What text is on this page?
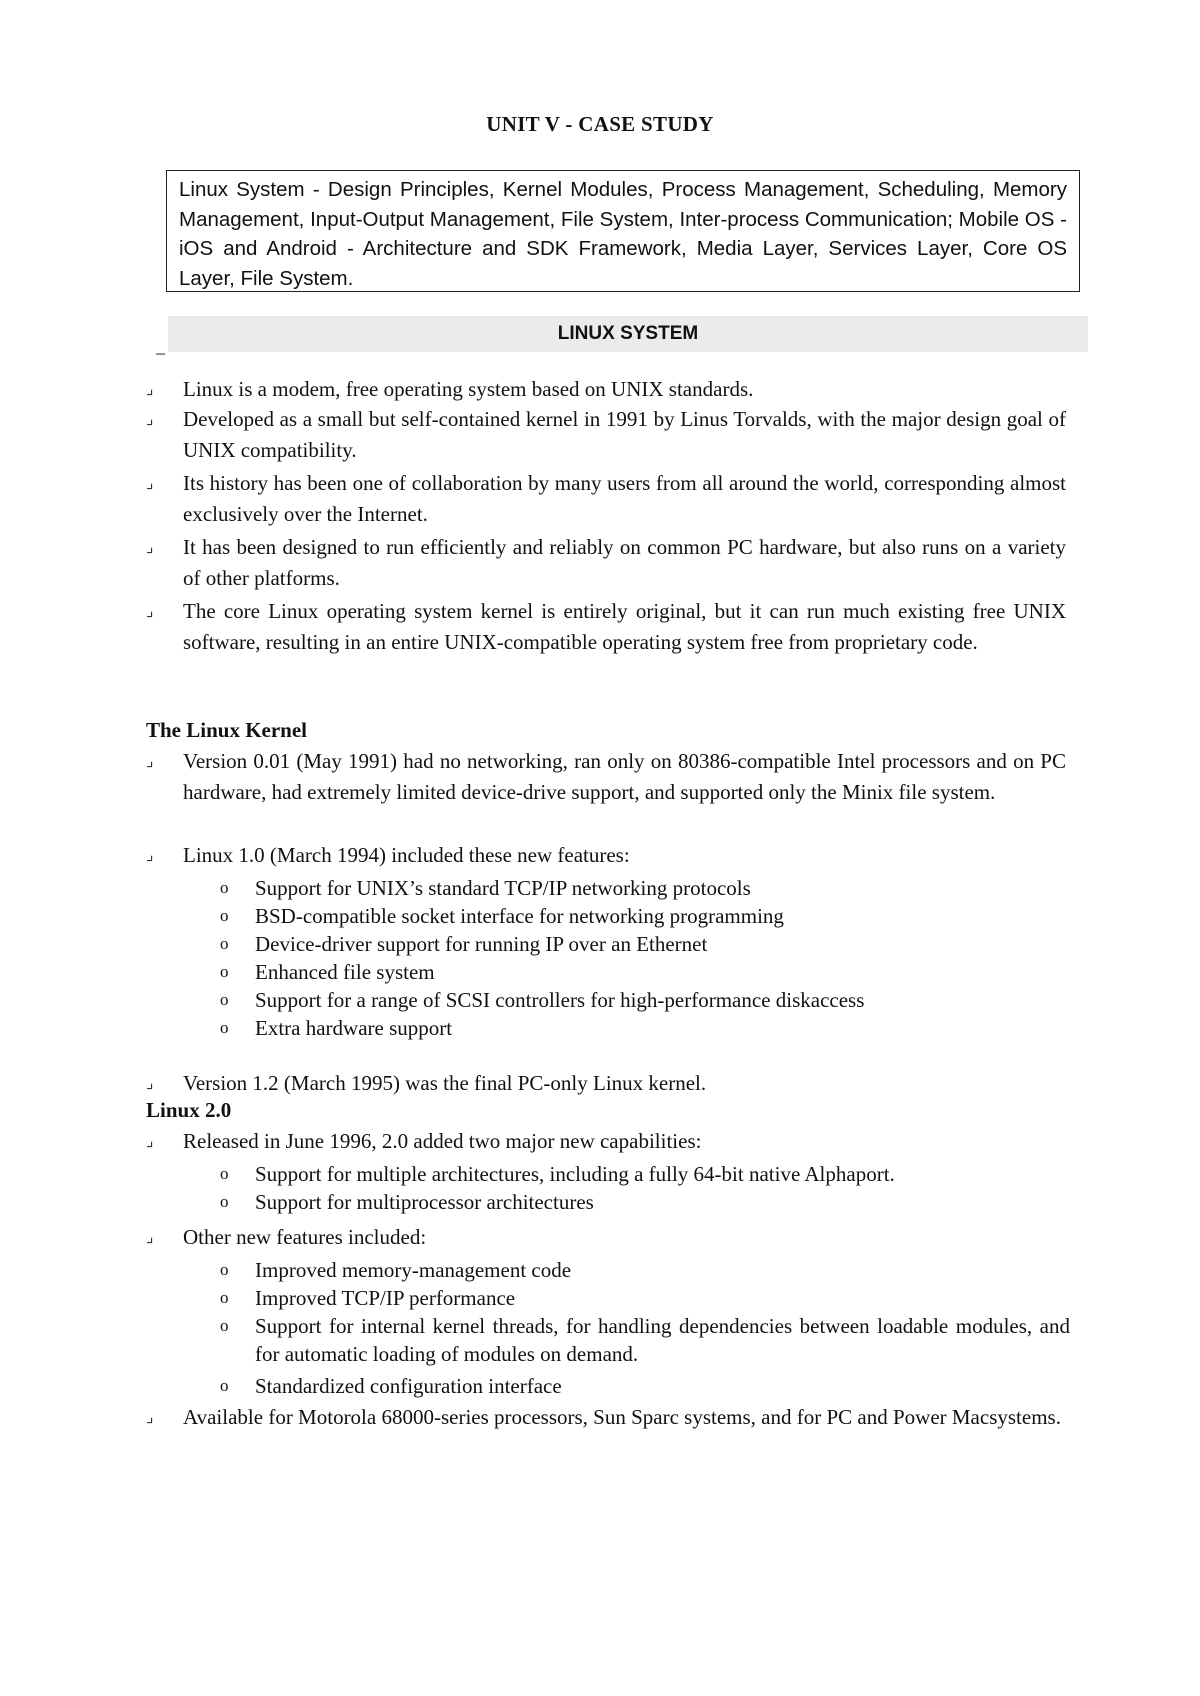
UNIT V - CASE STUDY
Linux System - Design Principles, Kernel Modules, Process Management, Scheduling, Memory Management, Input-Output Management, File System, Inter-process Communication; Mobile OS - iOS and Android - Architecture and SDK Framework, Media Layer, Services Layer, Core OS Layer, File System.
_
LINUX SYSTEM
⌟	Linux is a modem, free operating system based on UNIX standards.
⌟	Developed as a small but self-contained kernel in 1991 by Linus Torvalds, with the major design goal of UNIX compatibility.
⌟	Its history has been one of collaboration by many users from all around the world, corresponding almost exclusively over the Internet.
⌟	It has been designed to run efficiently and reliably on common PC hardware, but also runs on a variety of other platforms.
⌟	The core Linux operating system kernel is entirely original, but it can run much existing free UNIX software, resulting in an entire UNIX-compatible operating system free from proprietary code.
The Linux Kernel
⌟	Version 0.01 (May 1991) had no networking, ran only on 80386-compatible Intel processors and on PC hardware, had extremely limited device-drive support, and supported only the Minix file system.
⌟	Linux 1.0 (March 1994) included these new features:
o Support for UNIX’s standard TCP/IP networking protocols
o BSD-compatible socket interface for networking programming
o Device-driver support for running IP over an Ethernet
o Enhanced file system
o Support for a range of SCSI controllers for high-performance diskaccess
o Extra hardware support
⌟	Version 1.2 (March 1995) was the final PC-only Linux kernel.
Linux 2.0
⌟	Released in June 1996, 2.0 added two major new capabilities:
o Support for multiple architectures, including a fully 64-bit native Alphaport.
o Support for multiprocessor architectures
⌟	Other new features included:
o Improved memory-management code
o Improved TCP/IP performance
o Support for internal kernel threads, for handling dependencies between loadable modules, and for automatic loading of modules on demand.
o Standardized configuration interface
⌟	Available for Motorola 68000-series processors, Sun Sparc systems, and for PC and Power Macsystems.
